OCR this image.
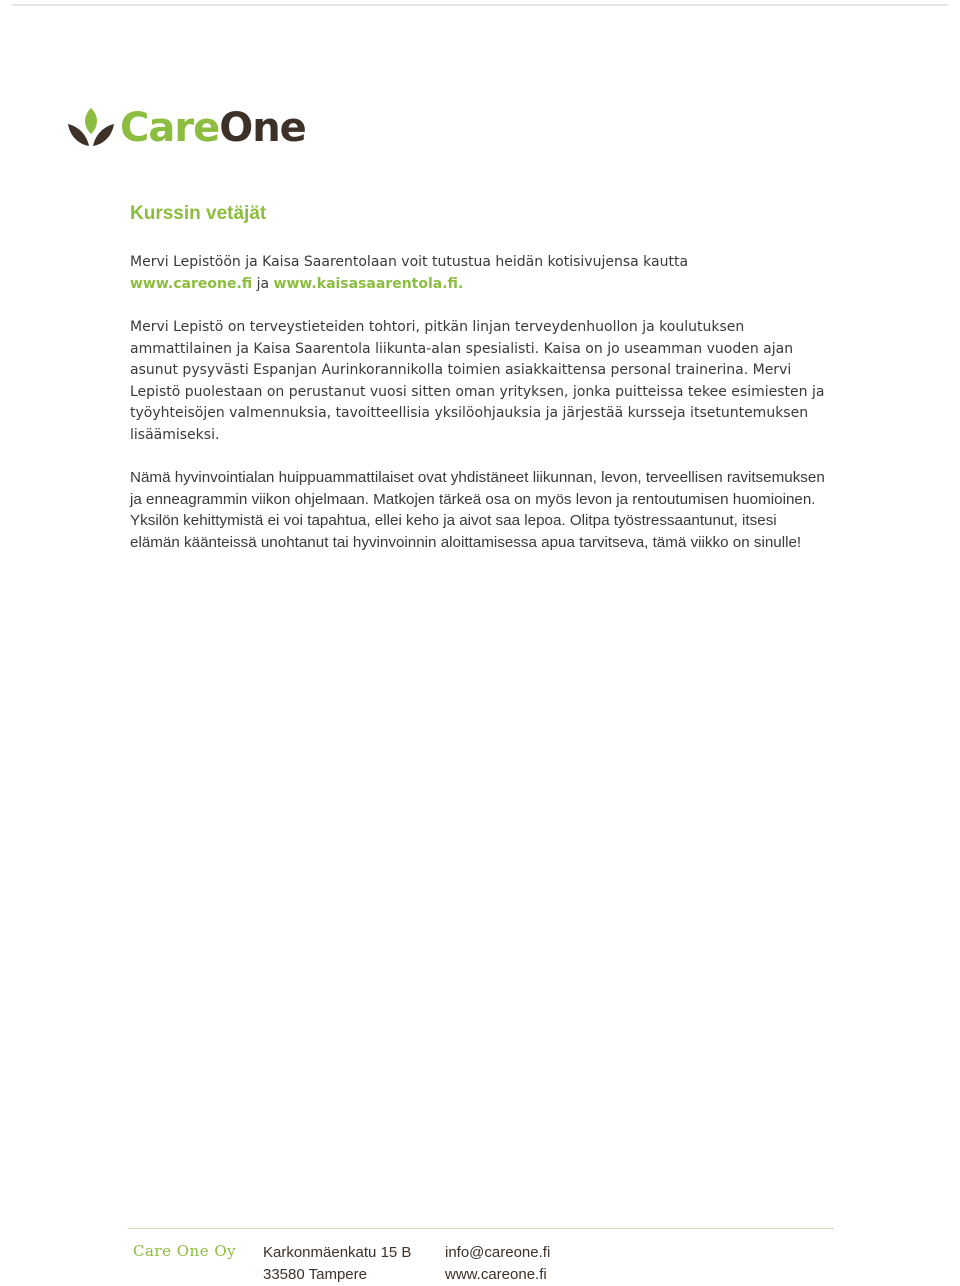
CareOne
Kurssin vetäjät

Mervi Lepistöön ja Kaisa Saarentolaan voit tutustua heidän kotisivujensa kautta
www.careone.fi ja www.kaisasaarentola.fi.

Mervi Lepistö on terveystieteiden tohtori, pitkän linjan terveydenhuollon ja koulutuksen ammattilainen ja Kaisa Saarentola liikunta-alan spesialisti. Kaisa on jo useamman vuoden ajan asunut pysyvästi Espanjan Aurinkorannikolla toimien asiakkaittensa personal trainerina. Mervi Lepistö puolestaan on perustanut vuosi sitten oman yrityksen, jonka puitteissa tekee esimiesten ja työyhteisöjen valmennuksia, tavoitteellisia yksilöohjauksia ja järjestää kursseja itsetuntemuksen lisäämiseksi.

Nämä hyvinvointialan huippuammattilaiset ovat yhdistäneet liikunnan, levon, terveellisen ravitsemuksen ja enneagrammin viikon ohjelmaan. Matkojen tärkeä osa on myös levon ja rentoutumisen huomioinen. Yksilön kehittymistä ei voi tapahtua, ellei keho ja aivot saa lepoa. Olitpa työstressaantunut, itsesi elämän käänteissä unohtanut tai hyvinvoinnin aloittamisessa apua tarvitseva, tämä viikko on sinulle!

Care One Oy Karkonmäenkatu 15 B
33580 Tampere
info@careone.fi
www.careone.fi
